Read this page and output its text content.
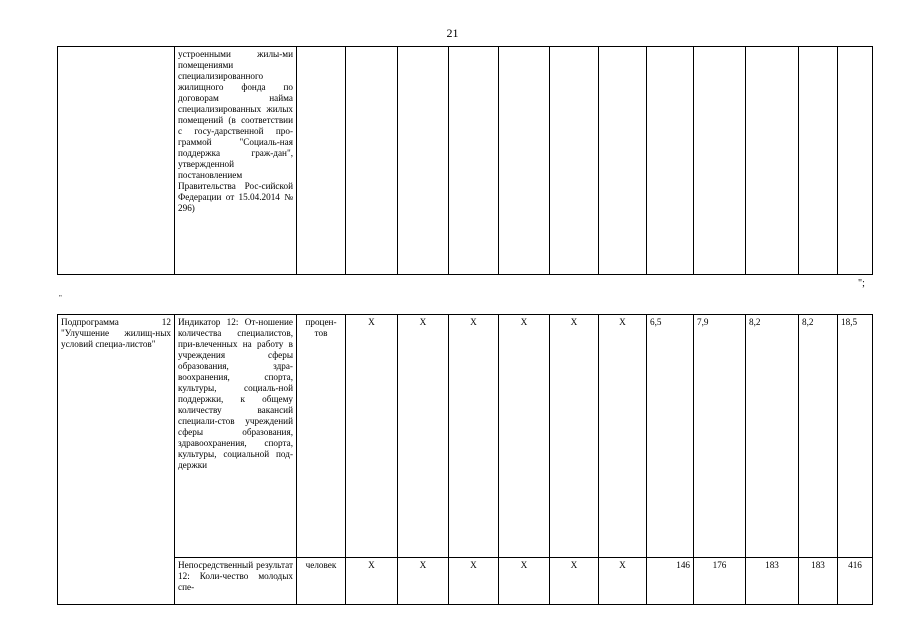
21
	устроенными жилы-ми помещениями специализированного жилищного фонда по договорам найма специализированных жилых помещений (в соответствии с госу-дарственной про-граммой "Социаль-ная поддержка граж-дан", утвержденной постановлением Правительства Рос-сийской Федерации от 15.04.2014 № 296)												
";
"
Подпрограмма 12 "Улучшение жилищ-ных условий специа-листов"	Индикатор 12: От-ношение количества специалистов, при-влеченных на работу в учреждения сферы образования, здра-воохранения, спорта, культуры, социаль-ной поддержки, к общему количеству вакансий специали-стов учреждений сферы образования, здравоохранения, спорта, культуры, социальной под-держки	процен-тов	X	X	X	X	X	X	6,5	7,9	8,2	8,2	18,5
	Непосредственный результат 12: Коли-чество молодых спе-	человек	X	X	X	X	X	X	146	176	183	183	416
